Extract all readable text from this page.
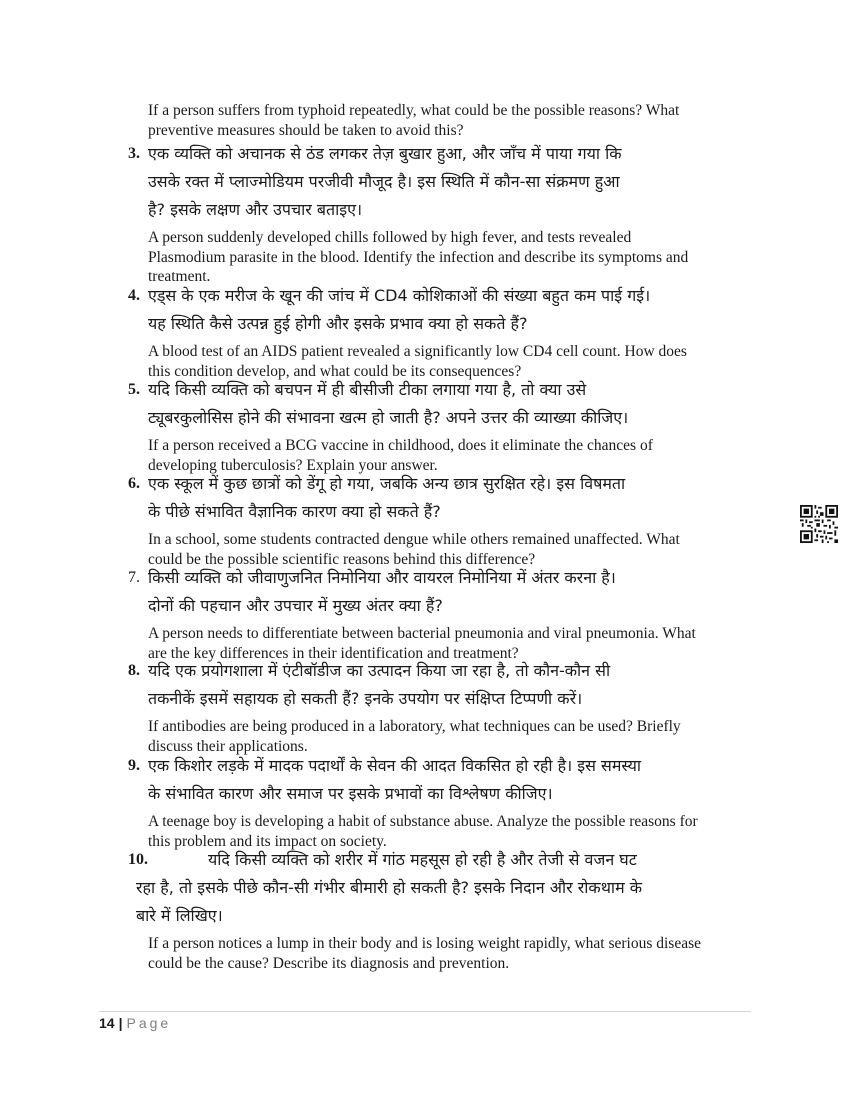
If a person suffers from typhoid repeatedly, what could be the possible reasons? What
preventive measures should be taken to avoid this?
3. एक व्यक्ति को अचानक से ठंड लगकर तेज़ बुखार हुआ, और जाँच में पाया गया कि
उसके रक्त में प्लाज्मोडियम परजीवी मौजूद है। इस स्थिति में कौन-सा संक्रमण हुआ
है? इसके लक्षण और उपचार बताइए।
A person suddenly developed chills followed by high fever, and tests revealed
Plasmodium parasite in the blood. Identify the infection and describe its symptoms and
treatment.
4. एड्स के एक मरीज के खून की जांच में CD4 कोशिकाओं की संख्या बहुत कम पाई गई।
यह स्थिति कैसे उत्पन्न हुई होगी और इसके प्रभाव क्या हो सकते हैं?
A blood test of an AIDS patient revealed a significantly low CD4 cell count. How does
this condition develop, and what could be its consequences?
5. यदि किसी व्यक्ति को बचपन में ही बीसीजी टीका लगाया गया है, तो क्या उसे
ट्यूबरकुलोसिस होने की संभावना खत्म हो जाती है? अपने उत्तर की व्याख्या कीजिए।
If a person received a BCG vaccine in childhood, does it eliminate the chances of
developing tuberculosis? Explain your answer.
6. एक स्कूल में कुछ छात्रों को डेंगू हो गया, जबकि अन्य छात्र सुरक्षित रहे। इस विषमता
के पीछे संभावित वैज्ञानिक कारण क्या हो सकते हैं?
In a school, some students contracted dengue while others remained unaffected. What
could be the possible scientific reasons behind this difference?
7. किसी व्यक्ति को जीवाणुजनित निमोनिया और वायरल निमोनिया में अंतर करना है।
दोनों की पहचान और उपचार में मुख्य अंतर क्या हैं?
A person needs to differentiate between bacterial pneumonia and viral pneumonia. What
are the key differences in their identification and treatment?
8. यदि एक प्रयोगशाला में एंटीबॉडीज का उत्पादन किया जा रहा है, तो कौन-कौन सी
तकनीकें इसमें सहायक हो सकती हैं? इनके उपयोग पर संक्षिप्त टिप्पणी करें।
If antibodies are being produced in a laboratory, what techniques can be used? Briefly
discuss their applications.
9. एक किशोर लड़के में मादक पदार्थों के सेवन की आदत विकसित हो रही है। इस समस्या
के संभावित कारण और समाज पर इसके प्रभावों का विश्लेषण कीजिए।
A teenage boy is developing a habit of substance abuse. Analyze the possible reasons for
this problem and its impact on society.
10.	यदि किसी व्यक्ति को शरीर में गांठ महसूस हो रही है और तेजी से वजन घट
रहा है, तो इसके पीछे कौन-सी गंभीर बीमारी हो सकती है? इसके निदान और रोकथाम के
बारे में लिखिए।
If a person notices a lump in their body and is losing weight rapidly, what serious disease
could be the cause? Describe its diagnosis and prevention.
14 | Page
